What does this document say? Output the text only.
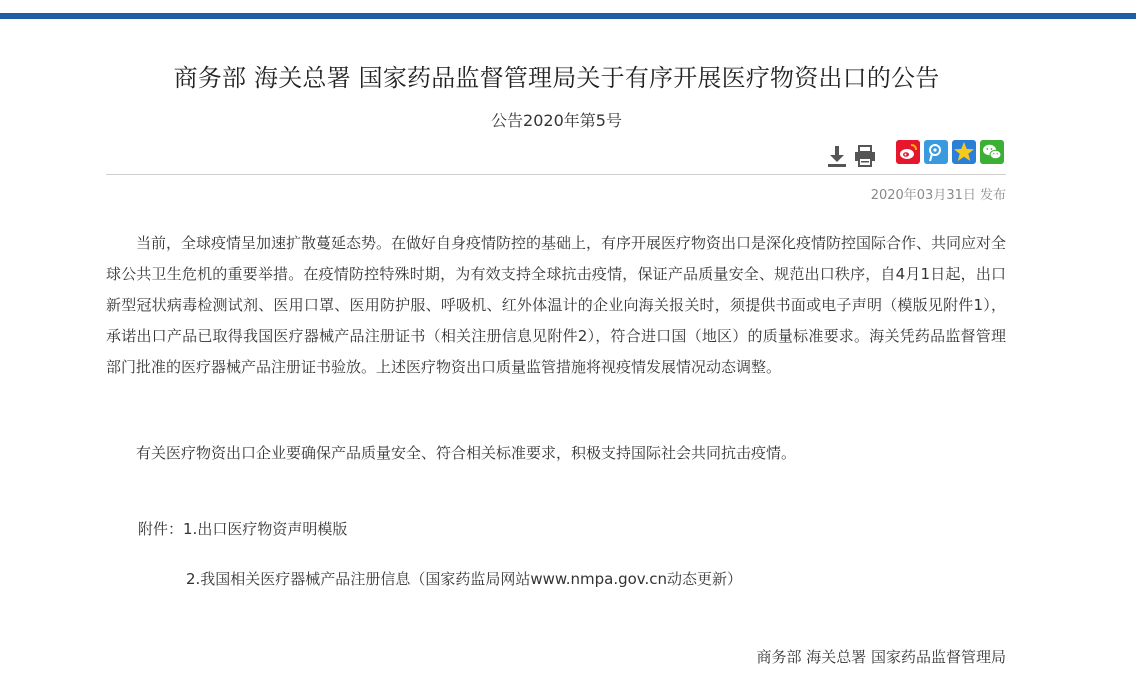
商务部 海关总署 国家药品监督管理局关于有序开展医疗物资出口的公告
公告2020年第5号
2020年03月31日 发布

当前，全球疫情呈加速扩散蔓延态势。在做好自身疫情防控的基础上，有序开展医疗物资出口是深化疫情防控国际合作、共同应对全球公共卫生危机的重要举措。在疫情防控特殊时期，为有效支持全球抗击疫情，保证产品质量安全、规范出口秩序，自4月1日起，出口新型冠状病毒检测试剂、医用口罩、医用防护服、呼吸机、红外体温计的企业向海关报关时，须提供书面或电子声明（模版见附件1），承诺出口产品已取得我国医疗器械产品注册证书（相关注册信息见附件2），符合进口国（地区）的质量标准要求。海关凭药品监督管理部门批准的医疗器械产品注册证书验放。上述医疗物资出口质量监管措施将视疫情发展情况动态调整。

有关医疗物资出口企业要确保产品质量安全、符合相关标准要求，积极支持国际社会共同抗击疫情。

附件：1.出口医疗物资声明模版
2.我国相关医疗器械产品注册信息（国家药监局网站www.nmpa.gov.cn动态更新）
商务部 海关总署 国家药品监督管理局
